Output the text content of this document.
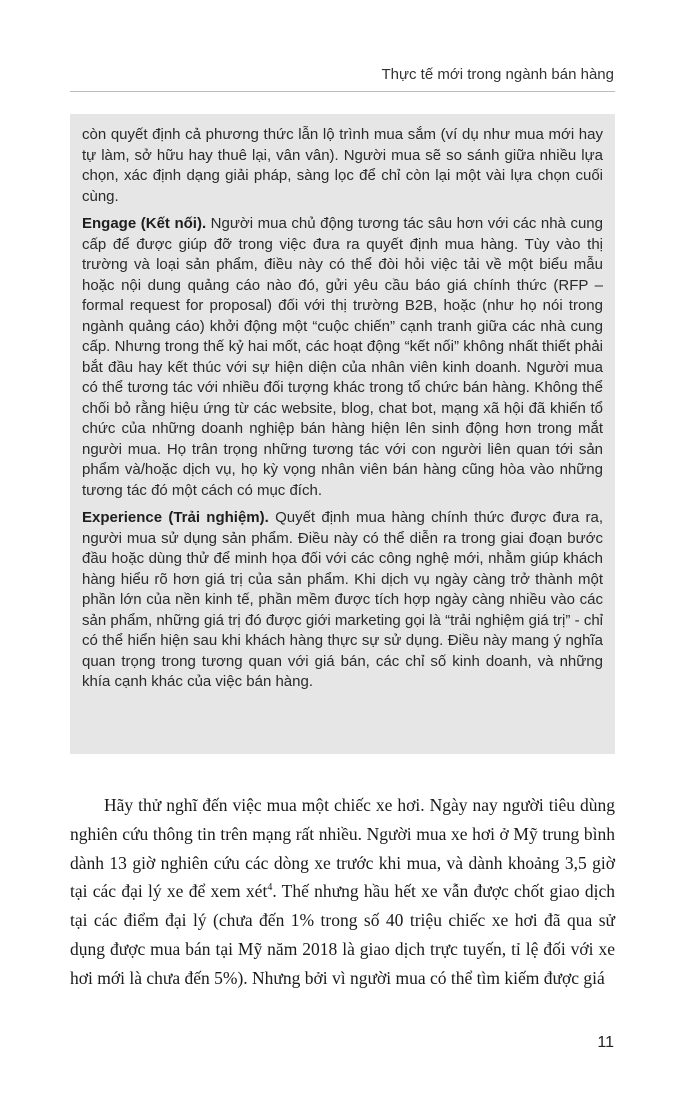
Thực tế mới trong ngành bán hàng

còn quyết định cả phương thức lẫn lộ trình mua sắm (ví dụ như mua mới hay tự làm, sở hữu hay thuê lại, vân vân). Người mua sẽ so sánh giữa nhiều lựa chọn, xác định dạng giải pháp, sàng lọc để chỉ còn lại một vài lựa chọn cuối cùng.

Engage (Kết nối). Người mua chủ động tương tác sâu hơn với các nhà cung cấp để được giúp đỡ trong việc đưa ra quyết định mua hàng. Tùy vào thị trường và loại sản phẩm, điều này có thể đòi hỏi việc tải về một biểu mẫu hoặc nội dung quảng cáo nào đó, gửi yêu cầu báo giá chính thức (RFP – formal request for proposal) đối với thị trường B2B, hoặc (như họ nói trong ngành quảng cáo) khởi động một “cuộc chiến” cạnh tranh giữa các nhà cung cấp. Nhưng trong thế kỷ hai mốt, các hoạt động “kết nối” không nhất thiết phải bắt đầu hay kết thúc với sự hiện diện của nhân viên kinh doanh. Người mua có thể tương tác với nhiều đối tượng khác trong tổ chức bán hàng. Không thể chối bỏ rằng hiệu ứng từ các website, blog, chat bot, mạng xã hội đã khiến tổ chức của những doanh nghiệp bán hàng hiện lên sinh động hơn trong mắt người mua. Họ trân trọng những tương tác với con người liên quan tới sản phẩm và/hoặc dịch vụ, họ kỳ vọng nhân viên bán hàng cũng hòa vào những tương tác đó một cách có mục đích.

Experience (Trải nghiệm). Quyết định mua hàng chính thức được đưa ra, người mua sử dụng sản phẩm. Điều này có thể diễn ra trong giai đoạn bước đầu hoặc dùng thử để minh họa đối với các công nghệ mới, nhằm giúp khách hàng hiểu rõ hơn giá trị của sản phẩm. Khi dịch vụ ngày càng trở thành một phần lớn của nền kinh tế, phần mềm được tích hợp ngày càng nhiều vào các sản phẩm, những giá trị đó được giới marketing gọi là “trải nghiệm giá trị” - chỉ có thể hiển hiện sau khi khách hàng thực sự sử dụng. Điều này mang ý nghĩa quan trọng trong tương quan với giá bán, các chỉ số kinh doanh, và những khía cạnh khác của việc bán hàng.

Hãy thử nghĩ đến việc mua một chiếc xe hơi. Ngày nay người tiêu dùng nghiên cứu thông tin trên mạng rất nhiều. Người mua xe hơi ở Mỹ trung bình dành 13 giờ nghiên cứu các dòng xe trước khi mua, và dành khoảng 3,5 giờ tại các đại lý xe để xem xét$^4$. Thế nhưng hầu hết xe vẫn được chốt giao dịch tại các điểm đại lý (chưa đến 1% trong số 40 triệu chiếc xe hơi đã qua sử dụng được mua bán tại Mỹ năm 2018 là giao dịch trực tuyến, tỉ lệ đối với xe hơi mới là chưa đến 5%). Nhưng bởi vì người mua có thể tìm kiếm được giá

11
